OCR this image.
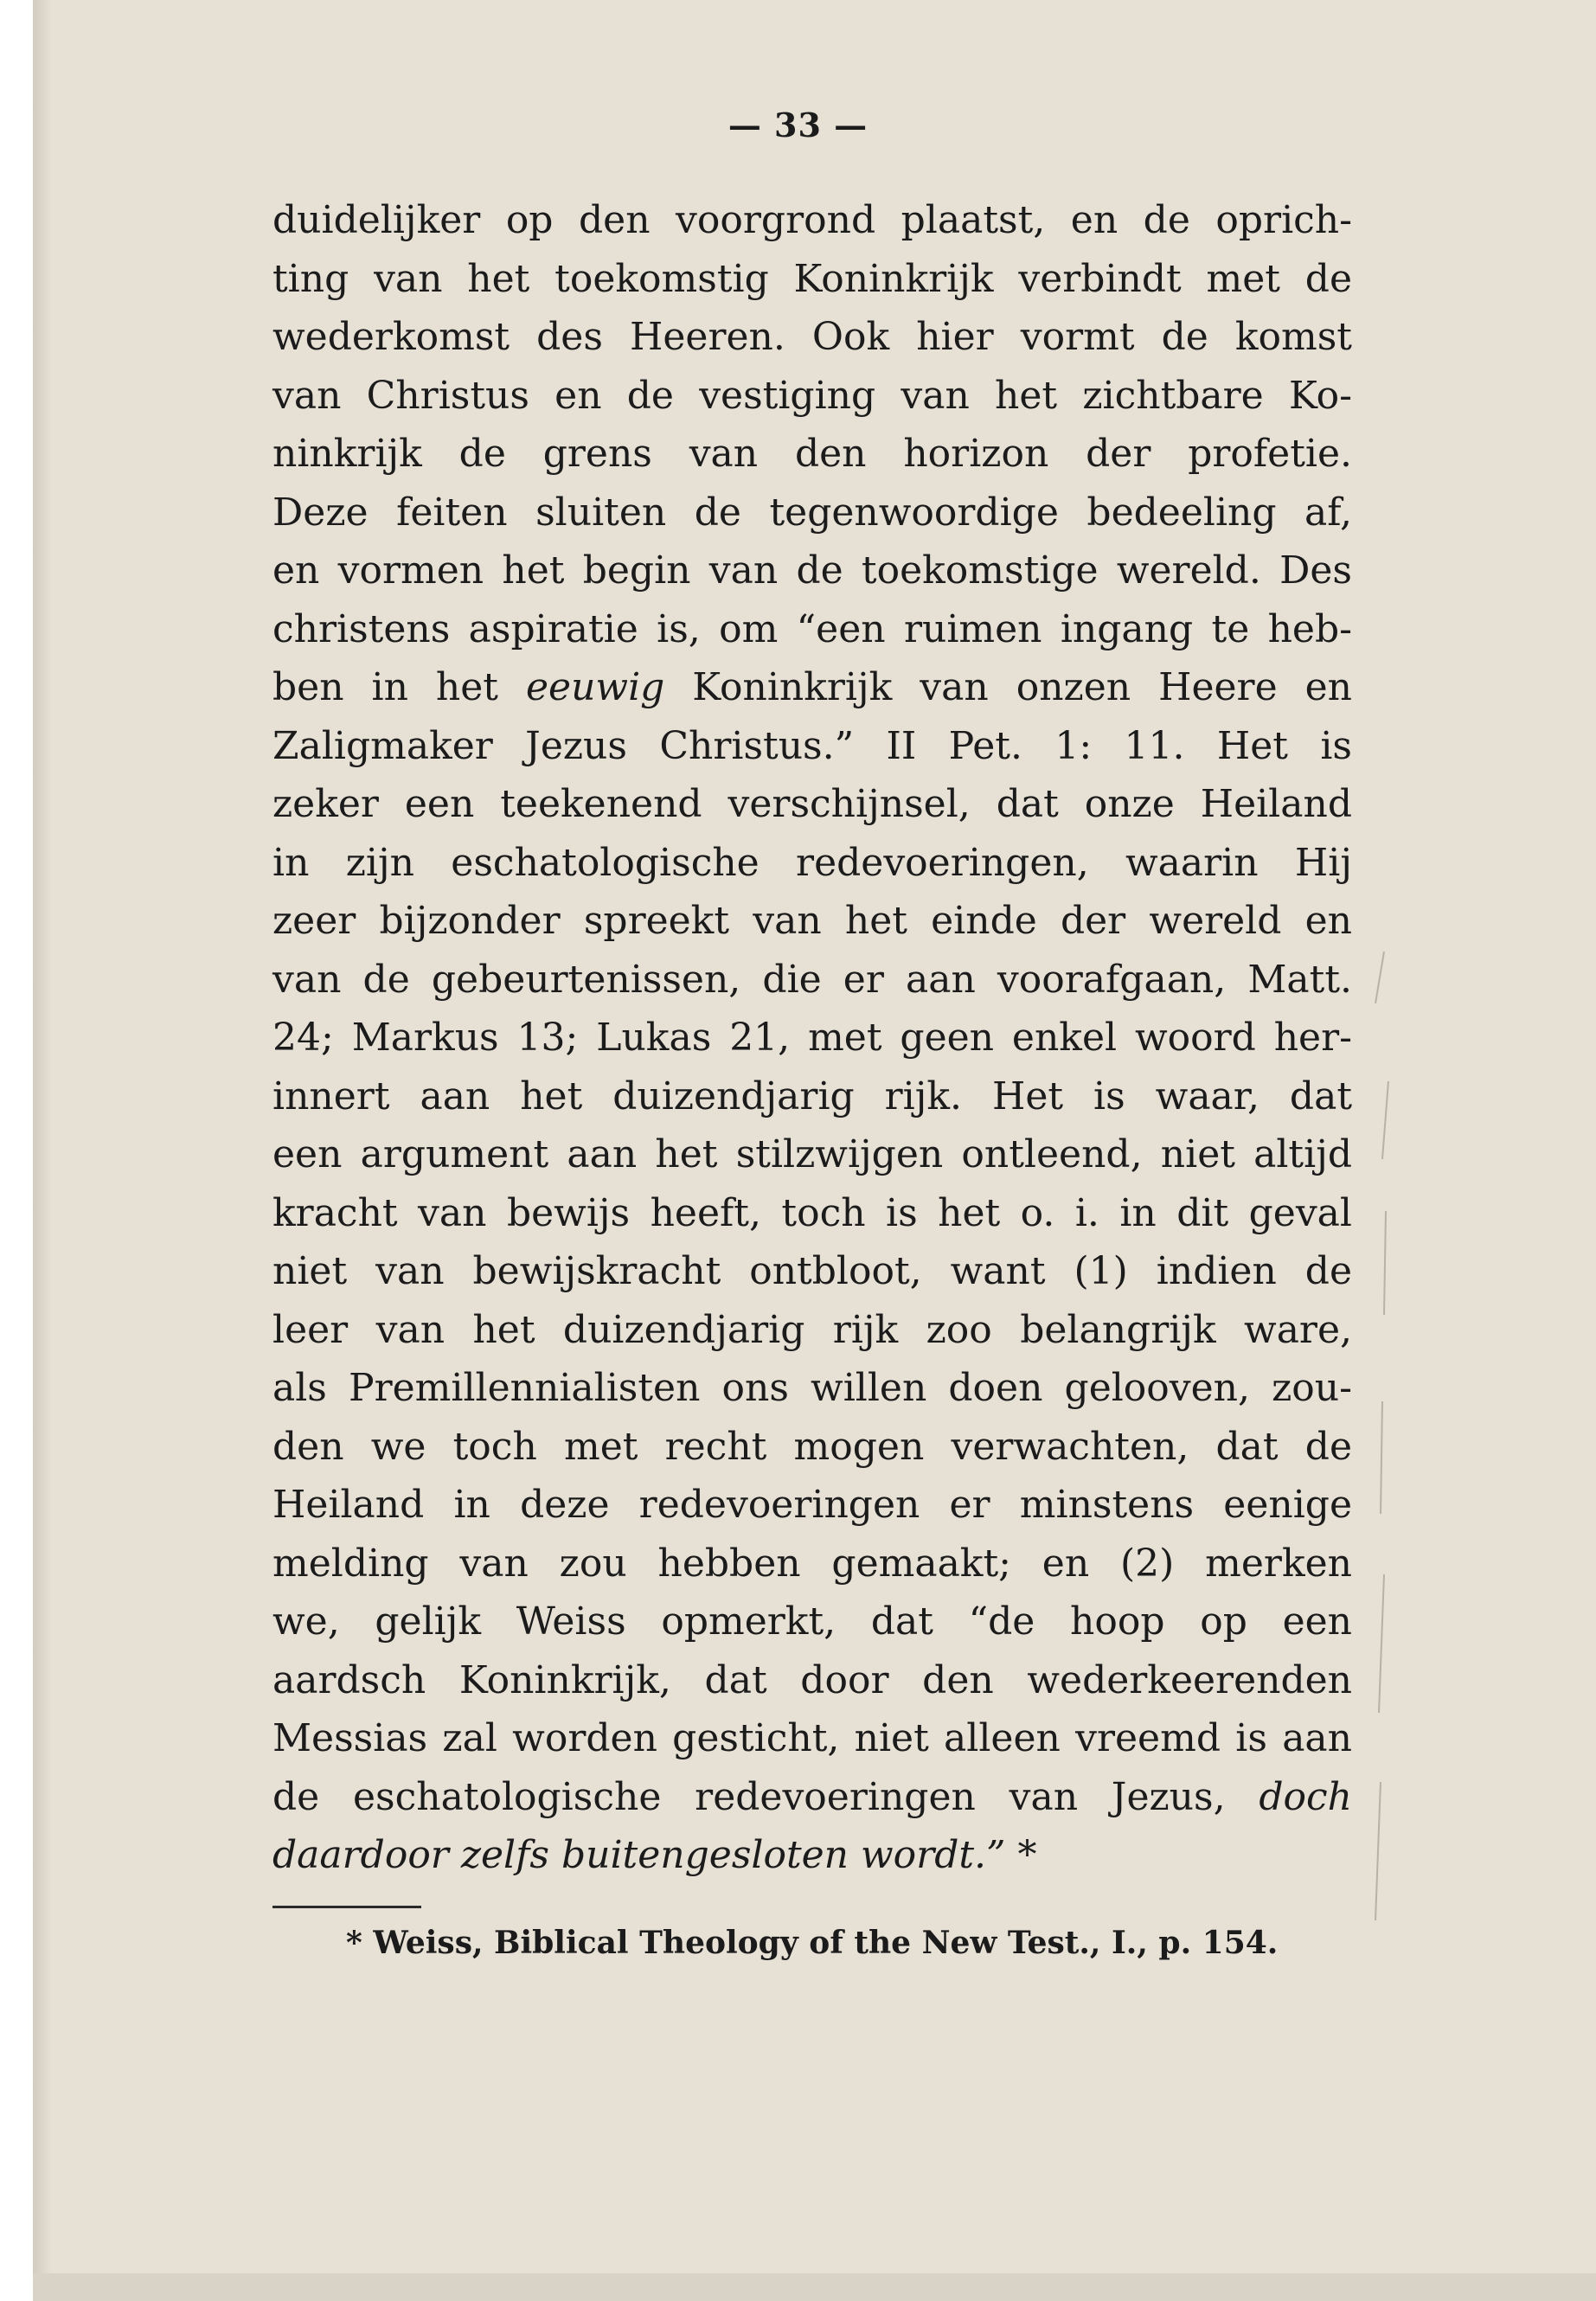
— 33 —
duidelijker op den voorgrond plaatst, en de oprich-
ting van het toekomstig Koninkrijk verbindt met de
wederkomst des Heeren. Ook hier vormt de komst
van Christus en de vestiging van het zichtbare Ko-
ninkrijk de grens van den horizon der profetie.
Deze feiten sluiten de tegenwoordige bedeeling af,
en vormen het begin van de toekomstige wereld. Des
christens aspiratie is, om “een ruimen ingang te heb-
ben in het eeuwig Koninkrijk van onzen Heere en
Zaligmaker Jezus Christus.” II Pet. 1: 11. Het is
zeker een teekenend verschijnsel, dat onze Heiland
in zijn eschatologische redevoeringen, waarin Hij
zeer bijzonder spreekt van het einde der wereld en
van de gebeurtenissen, die er aan voorafgaan, Matt.
24; Markus 13; Lukas 21, met geen enkel woord her-
innert aan het duizendjarig rijk. Het is waar, dat
een argument aan het stilzwijgen ontleend, niet altijd
kracht van bewijs heeft, toch is het o. i. in dit geval
niet van bewijskracht ontbloot, want (1) indien de
leer van het duizendjarig rijk zoo belangrijk ware,
als Premillennialisten ons willen doen gelooven, zou-
den we toch met recht mogen verwachten, dat de
Heiland in deze redevoeringen er minstens eenige
melding van zou hebben gemaakt; en (2) merken
we, gelijk Weiss opmerkt, dat “de hoop op een
aardsch Koninkrijk, dat door den wederkeerenden
Messias zal worden gesticht, niet alleen vreemd is aan
de eschatologische redevoeringen van Jezus, doch
daardoor zelfs buitengesloten wordt.” *
* Weiss, Biblical Theology of the New Test., I., p. 154.
